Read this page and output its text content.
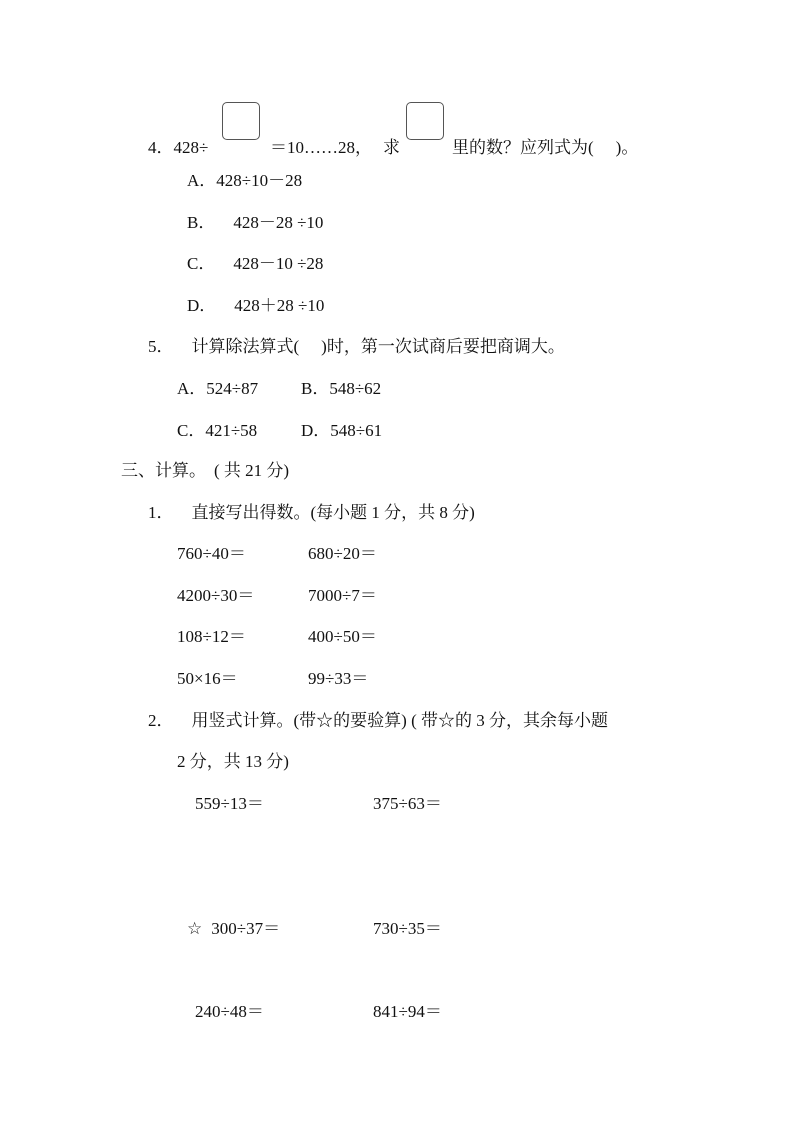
4．428÷	＝10……28， 求	里的数？应列式为( )。
A．428÷10－28
B． 428－28 ÷10
C． 428－10 ÷28
D． 428＋28 ÷10
5． 计算除法算式( )时，第一次试商后要把商调大。
A．524÷87	B．548÷62
C．421÷58	D．548÷61
三、计算。 ( 共 21 分)
1． 直接写出得数。(每小题 1 分，共 8 分)
760÷40＝	680÷20＝
4200÷30＝	7000÷7＝
108÷12＝	400÷50＝
50×16＝	99÷33＝
2． 用竖式计算。(带☆的要验算) ( 带☆的 3 分，其余每小题
2 分，共 13 分)
559÷13＝	375÷63＝
☆ 300÷37＝	730÷35＝
240÷48＝	841÷94＝
